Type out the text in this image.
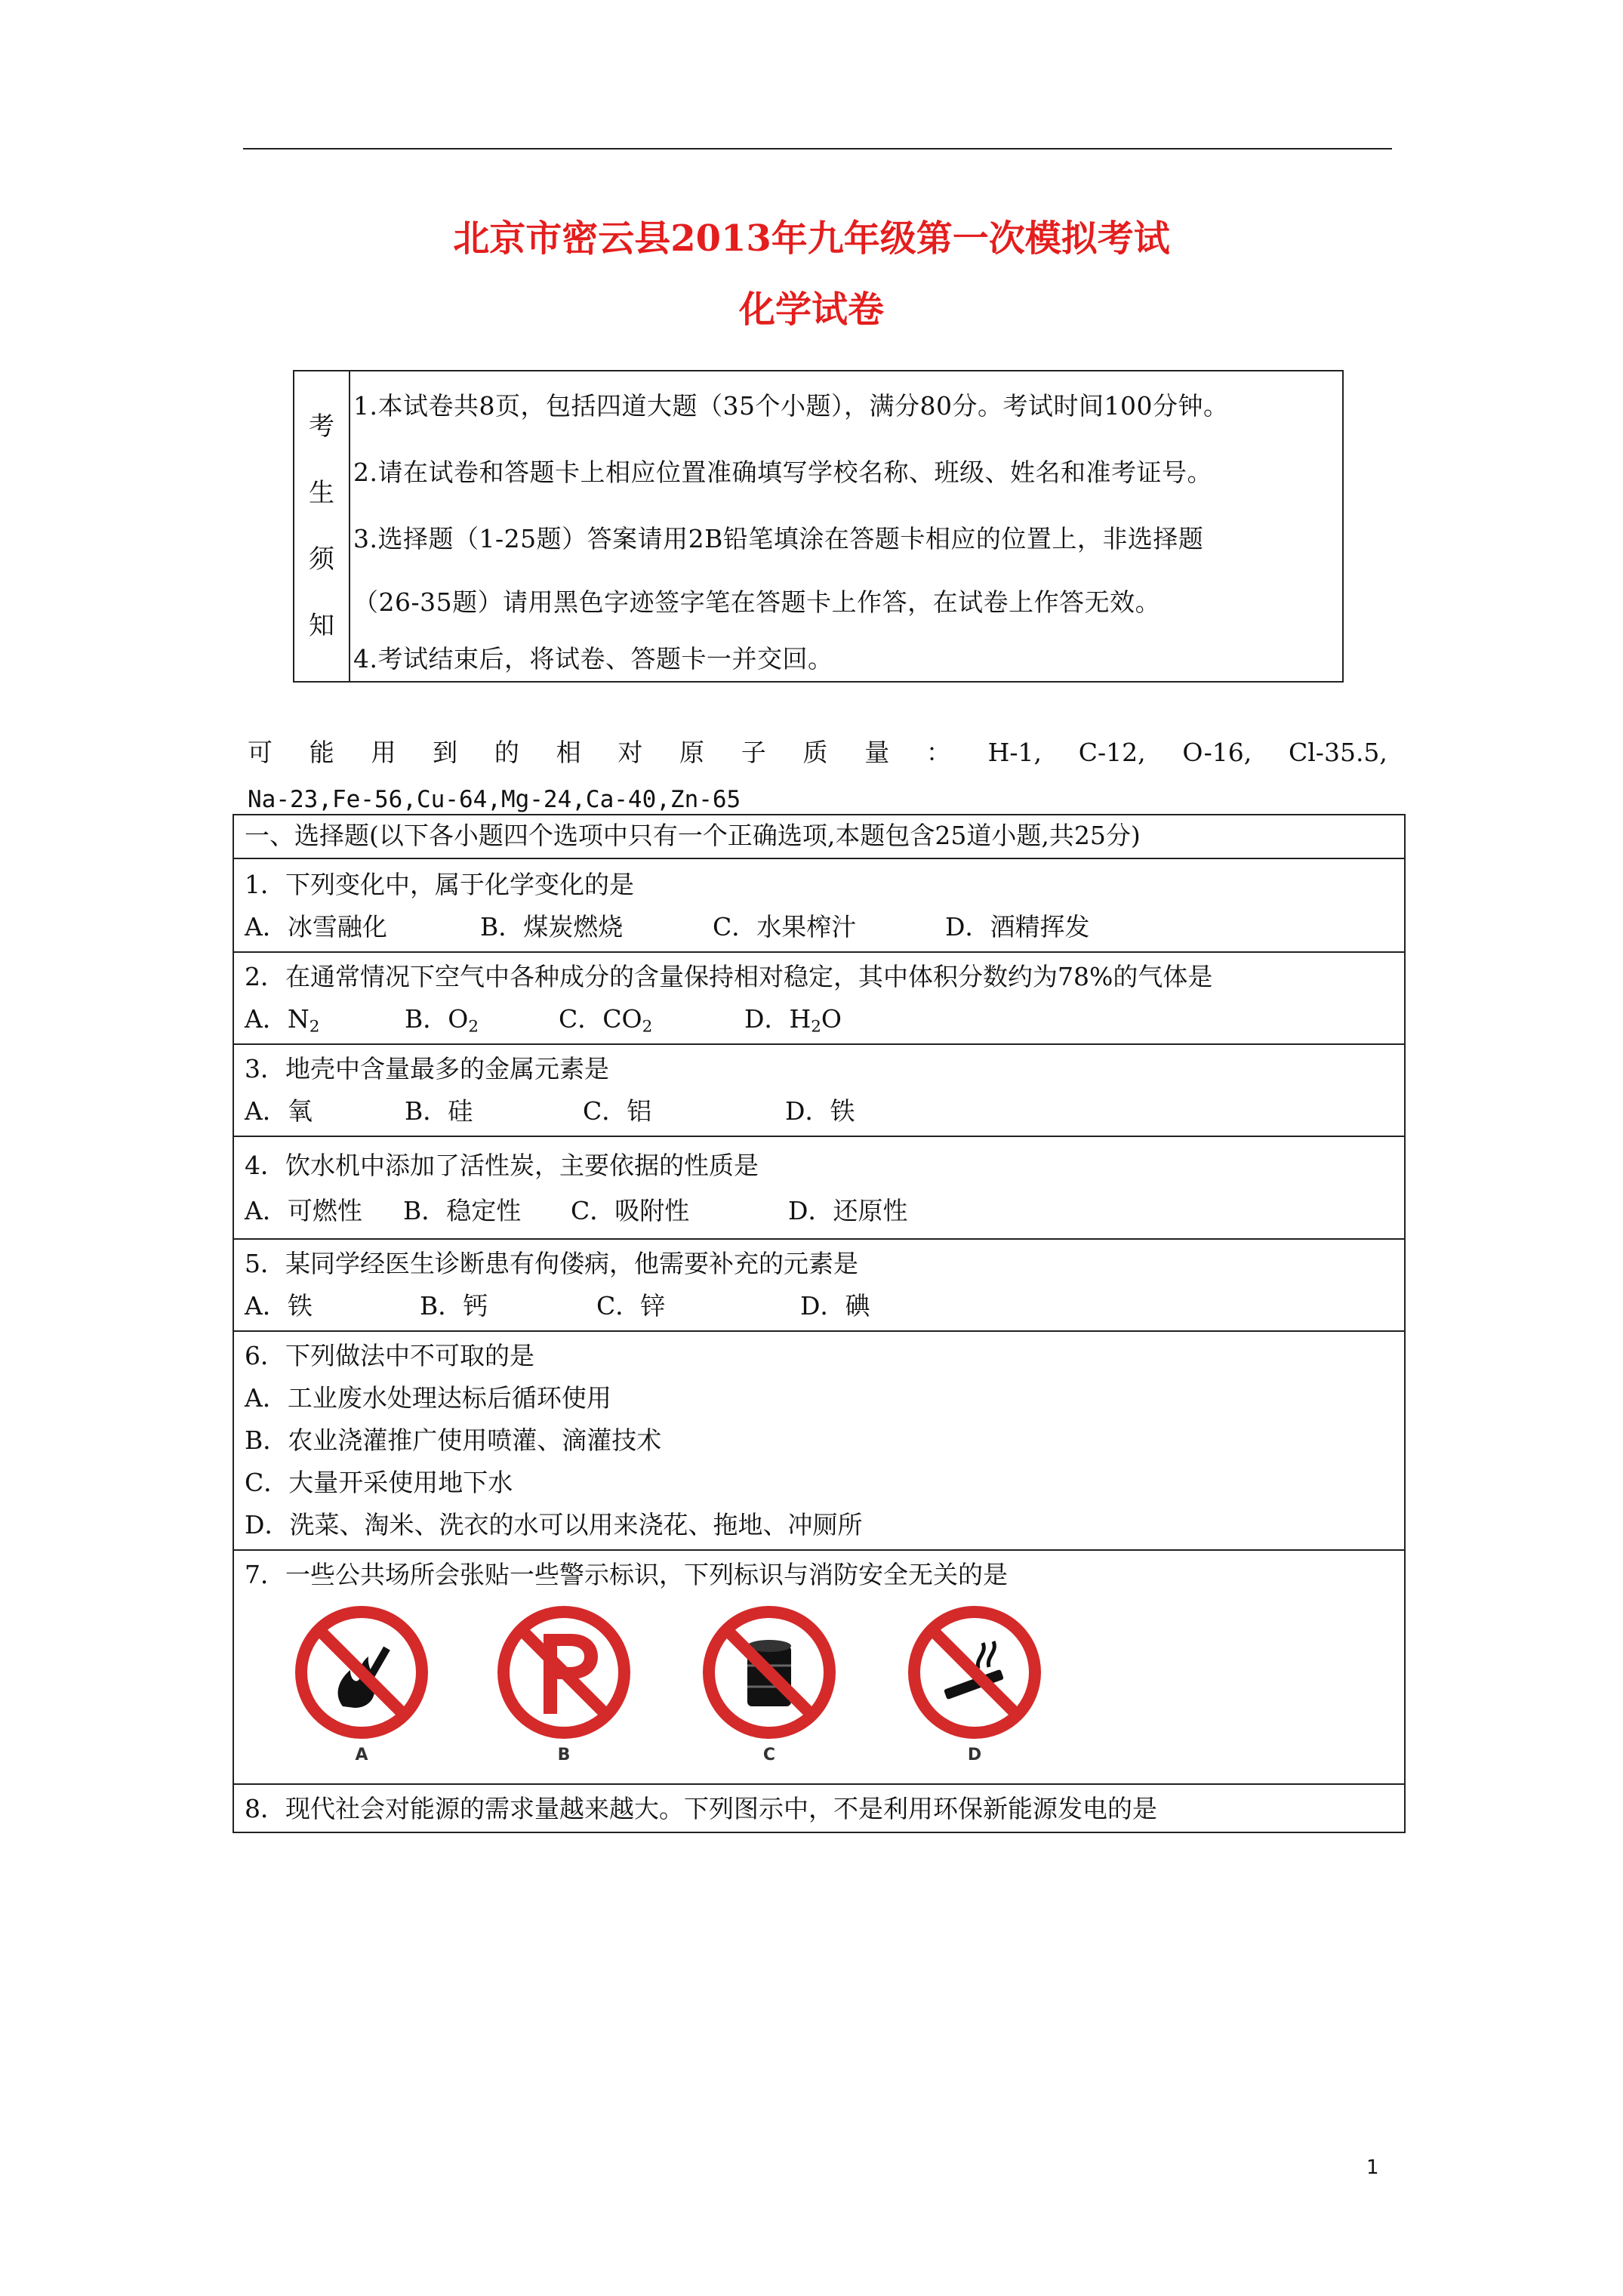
北京市密云县2013年九年级第一次模拟考试
化学试卷
考
生
须
知
1.本试卷共8页，包括四道大题（35个小题），满分80分。考试时间100分钟。
2.请在试卷和答题卡上相应位置准确填写学校名称、班级、姓名和准考证号。
3.选择题（1-25题）答案请用2B铅笔填涂在答题卡相应的位置上，非选择题
（26-35题）请用黑色字迹签字笔在答题卡上作答，在试卷上作答无效。
4.考试结束后，将试卷、答题卡一并交回。
可 能 用 到 的 相 对 原 子 质 量 ： H-1, C-12, O-16, Cl-35.5,
Na-23,Fe-56,Cu-64,Mg-24,Ca-40,Zn-65
一、选择题(以下各小题四个选项中只有一个正确选项,本题包含25道小题,共25分)
1．下列变化中，属于化学变化的是
A．冰雪融化	B．煤炭燃烧	C．水果榨汁	D．酒精挥发
2．在通常情况下空气中各种成分的含量保持相对稳定，其中体积分数约为78%的气体是
A．$N_2$	B．$O_2$	C．$CO_2$	D．$H_2O$
3．地壳中含量最多的金属元素是
A．氧	B．硅	C．铝	D．铁
4．饮水机中添加了活性炭，主要依据的性质是
A．可燃性	B．稳定性	C．吸附性	D．还原性
5．某同学经医生诊断患有佝偻病，他需要补充的元素是
A．铁	B．钙	C．锌	D．碘
6．下列做法中不可取的是
A．工业废水处理达标后循环使用
B．农业浇灌推广使用喷灌、滴灌技术
C．大量开采使用地下水
D．洗菜、淘米、洗衣的水可以用来浇花、拖地、冲厕所
7．一些公共场所会张贴一些警示标识，下列标识与消防安全无关的是
A	B	C	D
8．现代社会对能源的需求量越来越大。下列图示中，不是利用环保新能源发电的是
1
